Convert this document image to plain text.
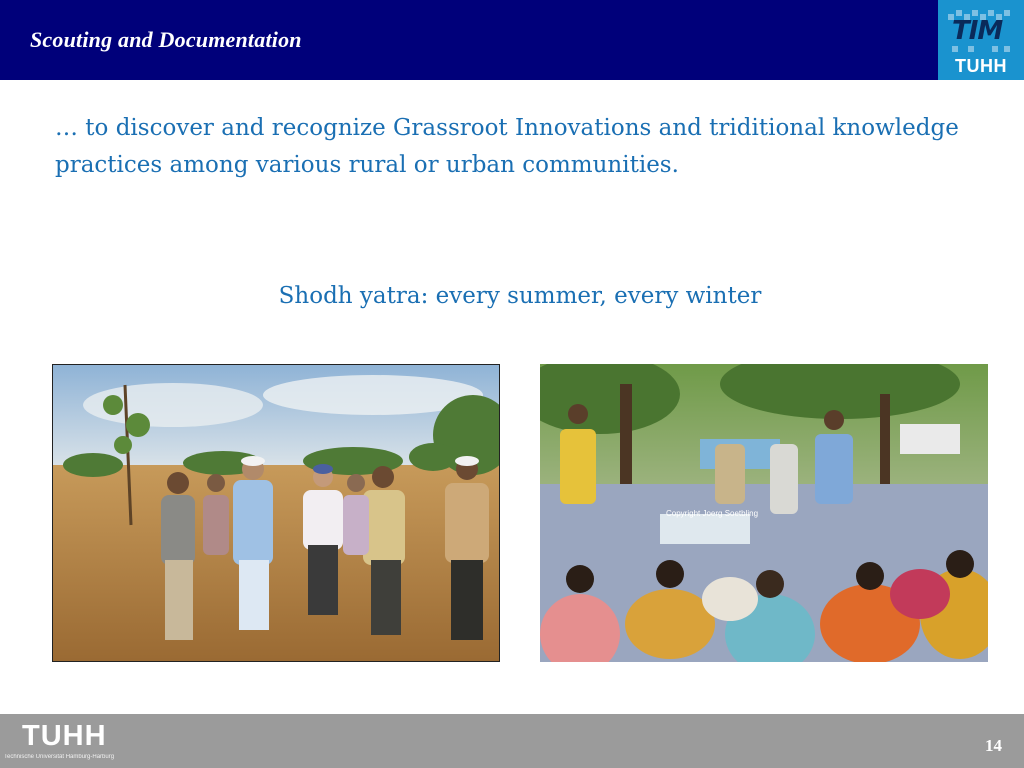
Scouting and Documentation	TIM
TUHH
… to discover and recognize Grassroot Innovations and triditional knowledge practices among various rural or urban communities.
Shodh yatra: every summer, every winter
Copyright Joerg Soetbling
TUHH
Technische Universität Hamburg-Harburg
14
